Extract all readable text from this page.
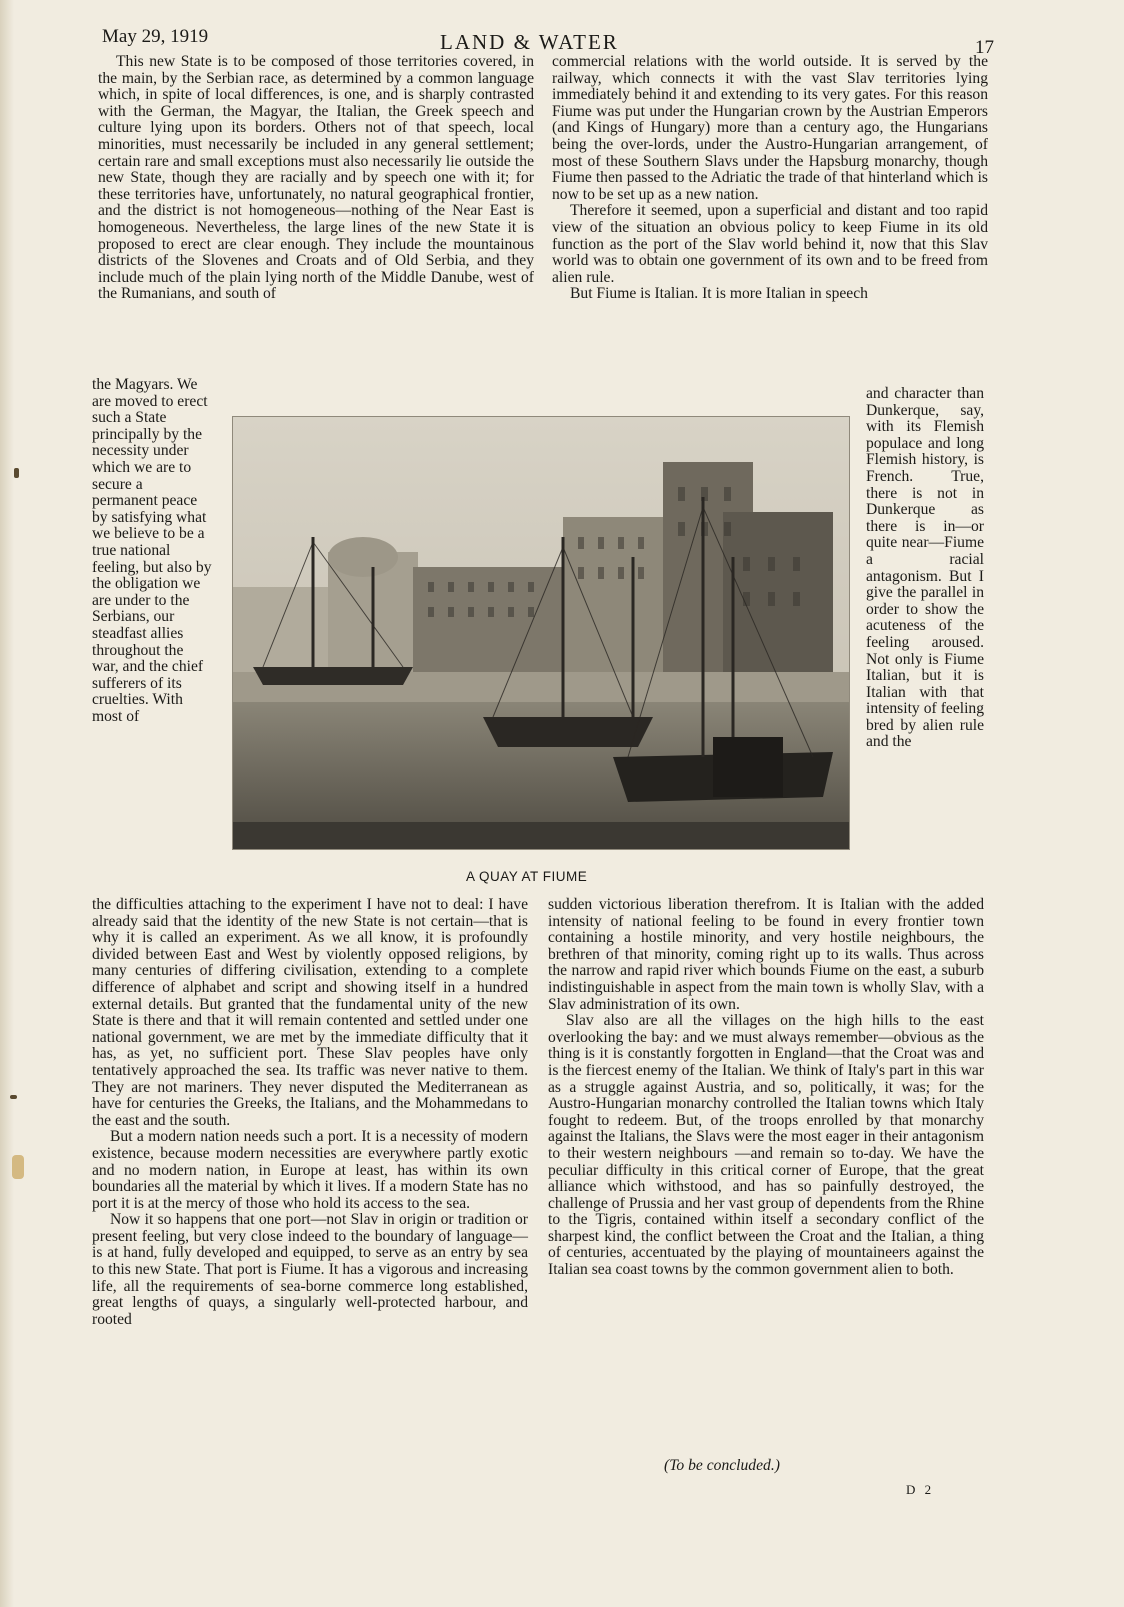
May 29, 1919	LAND & WATER	17

This new State is to be composed of those territories covered, in the main, by the Serbian race, as determined by a common language which, in spite of local differences, is one, and is sharply contrasted with the German, the Magyar, the Italian, the Greek speech and culture lying upon its borders. Others not of that speech, local minorities, must necessarily be included in any general settlement; certain rare and small exceptions must also necessarily lie outside the new State, though they are racially and by speech one with it; for these territories have, unfortunately, no natural geographical frontier, and the district is not homogeneous—nothing of the Near East is homogeneous. Nevertheless, the large lines of the new State it is proposed to erect are clear enough. They include the mountainous districts of the Slovenes and Croats and of Old Serbia, and they include much of the plain lying north of the Middle Danube, west of the Rumanians, and south of

the Magyars. We are moved to erect such a State principally by the necessity under which we are to secure a permanent peace by satisfying what we believe to be a true national feeling, but also by the obligation we are under to the Serbians, our steadfast allies throughout the war, and the chief sufferers of its cruelties. With most of

commercial relations with the world outside. It is served by the railway, which connects it with the vast Slav territories lying immediately behind it and extending to its very gates. For this reason Fiume was put under the Hungarian crown by the Austrian Emperors (and Kings of Hungary) more than a century ago, the Hungarians being the over-lords, under the Austro-Hungarian arrangement, of most of these Southern Slavs under the Hapsburg monarchy, though Fiume then passed to the Adriatic the trade of that hinterland which is now to be set up as a new nation.

Therefore it seemed, upon a superficial and distant and too rapid view of the situation an obvious policy to keep Fiume in its old function as the port of the Slav world behind it, now that this Slav world was to obtain one government of its own and to be freed from alien rule.

But Fiume is Italian. It is more Italian in speech

and character than Dunkerque, say, with its Flemish populace and long Flemish history, is French. True, there is not in Dunkerque as there is in—or quite near—Fiume a racial antagonism. But I give the parallel in order to show the acuteness of the feeling aroused. Not only is Fiume Italian, but it is Italian with that intensity of feeling bred by alien rule and the
A QUAY AT FIUME

the difficulties attaching to the experiment I have not to deal: I have already said that the identity of the new State is not certain—that is why it is called an experiment. As we all know, it is profoundly divided between East and West by violently opposed religions, by many centuries of differing civilisation, extending to a complete difference of alphabet and script and showing itself in a hundred external details. But granted that the fundamental unity of the new State is there and that it will remain contented and settled under one national government, we are met by the immediate difficulty that it has, as yet, no sufficient port. These Slav peoples have only tentatively approached the sea. Its traffic was never native to them. They are not mariners. They never disputed the Mediterranean as have for centuries the Greeks, the Italians, and the Mohammedans to the east and the south.

But a modern nation needs such a port. It is a necessity of modern existence, because modern necessities are everywhere partly exotic and no modern nation, in Europe at least, has within its own boundaries all the material by which it lives. If a modern State has no port it is at the mercy of those who hold its access to the sea.

Now it so happens that one port—not Slav in origin or tradition or present feeling, but very close indeed to the boundary of language—is at hand, fully developed and equipped, to serve as an entry by sea to this new State. That port is Fiume. It has a vigorous and increasing life, all the requirements of sea-borne commerce long established, great lengths of quays, a singularly well-protected harbour, and rooted

sudden victorious liberation therefrom. It is Italian with the added intensity of national feeling to be found in every frontier town containing a hostile minority, and very hostile neighbours, the brethren of that minority, coming right up to its walls. Thus across the narrow and rapid river which bounds Fiume on the east, a suburb indistinguishable in aspect from the main town is wholly Slav, with a Slav administration of its own.

Slav also are all the villages on the high hills to the east overlooking the bay: and we must always remember—obvious as the thing is it is constantly forgotten in England—that the Croat was and is the fiercest enemy of the Italian. We think of Italy's part in this war as a struggle against Austria, and so, politically, it was; for the Austro-Hungarian monarchy controlled the Italian towns which Italy fought to redeem. But, of the troops enrolled by that monarchy against the Italians, the Slavs were the most eager in their antagonism to their western neighbours —and remain so to-day. We have the peculiar difficulty in this critical corner of Europe, that the great alliance which withstood, and has so painfully destroyed, the challenge of Prussia and her vast group of dependents from the Rhine to the Tigris, contained within itself a secondary conflict of the sharpest kind, the conflict between the Croat and the Italian, a thing of centuries, accentuated by the playing of mountaineers against the Italian sea coast towns by the common government alien to both.

(To be concluded.)
D 2
